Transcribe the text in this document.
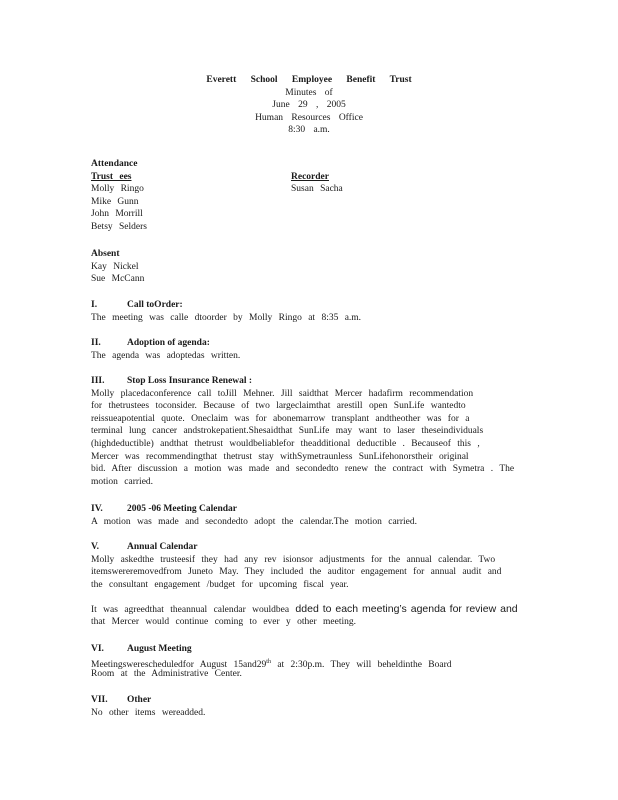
Everett School Employee Benefit Trust
Minutes of
June 29 , 2005
Human Resources Office
8:30 a.m.
Attendance
Trust ees	Recorder
Molly Ringo	Susan Sacha
Mike Gunn
John Morrill
Betsy Selders
Absent
Kay Nickel
Sue McCann
I.	Call toOrder:
The meeting was calle dtoorder by Molly Ringo at 8:35 a.m.
II.	Adoption of agenda:
The agenda was adoptedas written.
III. Stop Loss Insurance Renewal :
Molly placedaconference call toJill Mehner. Jill saidthat Mercer hadafirm recommendation
for thetrustees toconsider. Because of two largeclaimthat arestill open SunLife wantedto
reissueapotential quote. Oneclaim was for abonemarrow transplant andtheother was for a
terminal lung cancer andstrokepatient.Shesaidthat SunLife may want to laser theseindividuals
(highdeductible) andthat thetrust wouldbeliablefor theadditional deductible . Becauseof this ,
Mercer was recommendingthat thetrust stay withSymetraunless SunLifehonorstheir original
bid. After discussion a motion was made and secondedto renew the contract with Symetra . The
motion carried.
IV.	2005 -06 Meeting Calendar
A motion was made and secondedto adopt the calendar.The motion carried.
V.	Annual Calendar
Molly askedthe trusteesif they had any rev isionsor adjustments for the annual calendar. Two
itemswereremovedfrom Juneto May. They included the auditor engagement for annual audit and
the consultant engagement /budget for upcoming fiscal year.
It was agreedthat theannual calendar wouldbea dded to each meeting’s agenda for review and
that Mercer would continue coming to ever y other meeting.
VI. August Meeting
Meetingswerescheduledfor August 15and29th at 2:30p.m. They will beheldinthe Board
Room at the Administrative Center.
VII. Other
No other items wereadded.
